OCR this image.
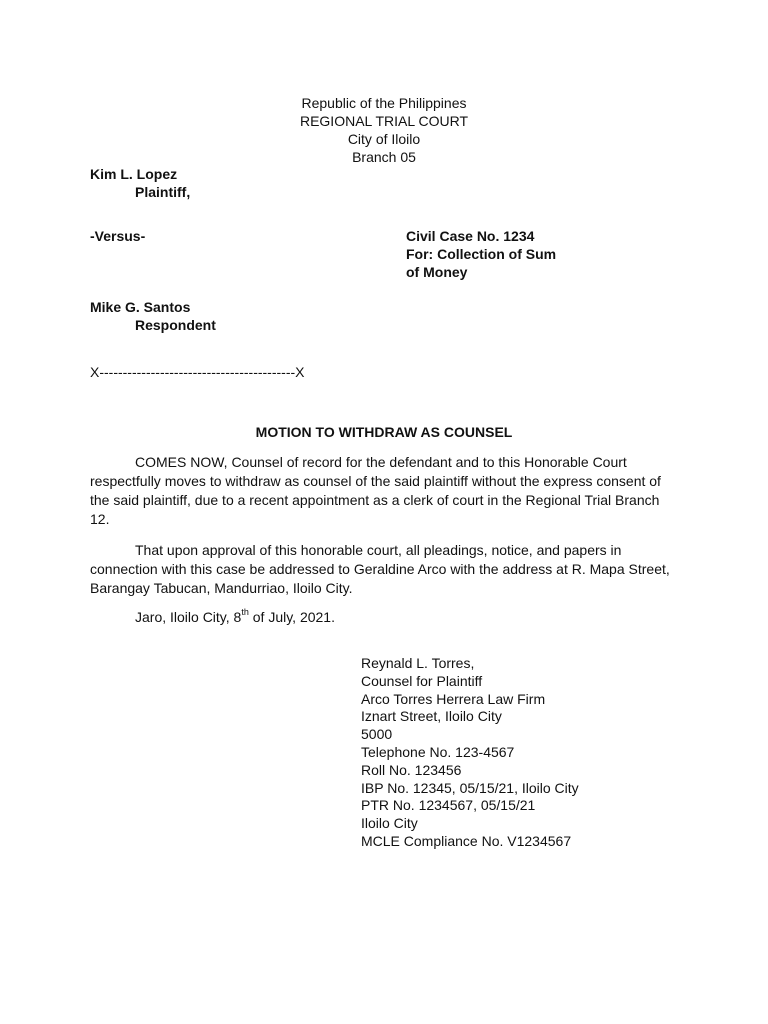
Republic of the Philippines
REGIONAL TRIAL COURT
City of Iloilo
Branch 05
Kim L. Lopez
Plaintiff,
-Versus-	Civil Case No. 1234
For: Collection of Sum
of Money
Mike G. Santos
Respondent
X------------------------------------------X
MOTION TO WITHDRAW AS COUNSEL
COMES NOW, Counsel of record for the defendant and to this Honorable Court respectfully moves to withdraw as counsel of the said plaintiff without the express consent of the said plaintiff, due to a recent appointment as a clerk of court in the Regional Trial Branch 12.
That upon approval of this honorable court, all pleadings, notice, and papers in connection with this case be addressed to Geraldine Arco with the address at R. Mapa Street, Barangay Tabucan, Mandurriao, Iloilo City.
Jaro, Iloilo City, 8th of July, 2021.
Reynald L. Torres,
Counsel for Plaintiff
Arco Torres Herrera Law Firm
Iznart Street, Iloilo City
5000
Telephone No. 123-4567
Roll No. 123456
IBP No. 12345, 05/15/21, Iloilo City
PTR No. 1234567, 05/15/21
Iloilo City
MCLE Compliance No. V1234567
